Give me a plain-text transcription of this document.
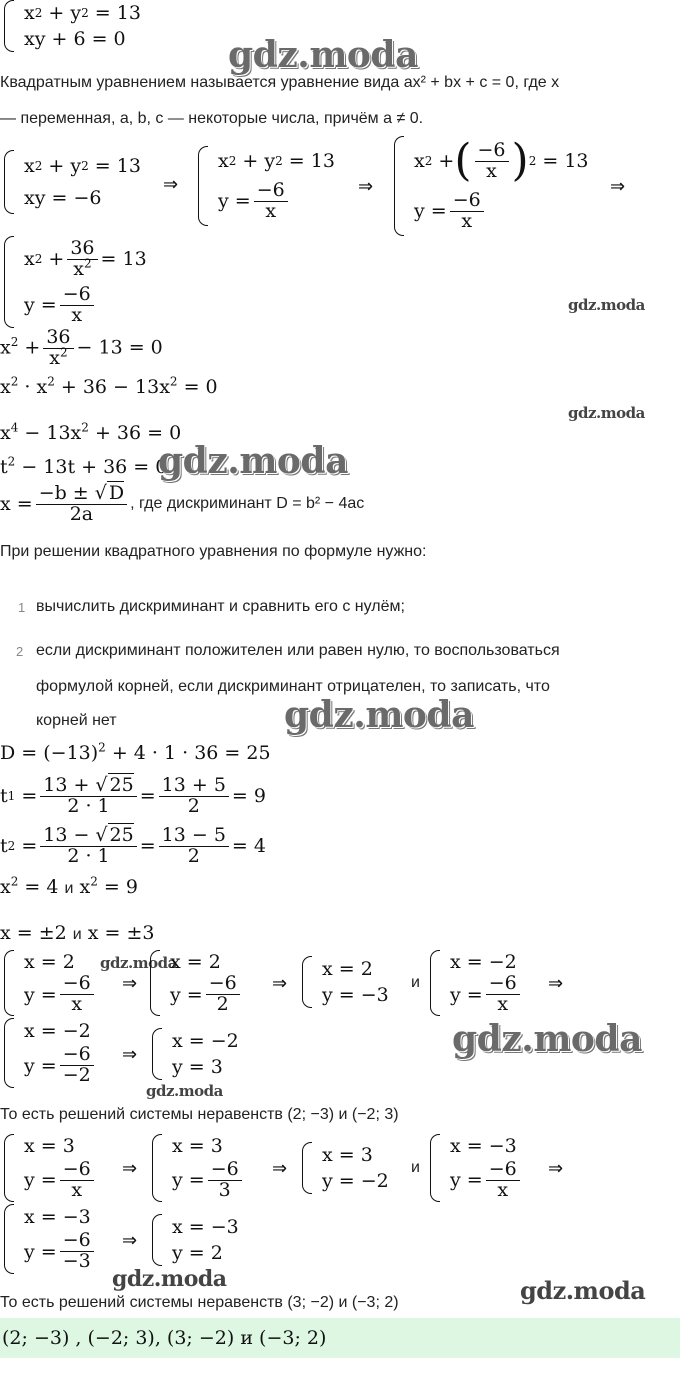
x 2 + y 2 = 13
xy + 6 = 0	gdz.moda
Квадратным уравнением называется уравнение вида ax² + bx + c = 0, где x
— переменная, a, b, c — некоторые числа, причём a ≠ 0.
x 2 + y 2 = 13
xy = −6
⇒
x 2 + y 2 = 13
$y = \frac{-6}{x}$	⇒
x 2 + ( $\frac{-6}{x}$ ) 2 = 13
$y = \frac{-6}{x}$
⇒
x $2 + \frac{36}{x^2} = 13$
$y = \frac{-6}{x}$	gdz.moda
$x^2 + \frac{36}{x^2} - 13 = 0$
$x^2 \cdot x^2 + 36 - 13x^2 = 0$
gdz.moda
$x^4 - 13x^2 + 36 = 0$
$t^2 - 13t + 36 = 0$
gdz.moda
$x = \frac{-b \pm √ D}{2a}$ , где дискриминант D = b² − 4ac
При решении квадратного уравнения по формуле нужно:
1 вычислить дискриминант и сравнить его с нулём;
2 если дискриминант положителен или равен нулю, то воспользоваться
формулой корней, если дискриминант отрицателен, то записать, что
корней нет	gdz.moda
$D = (-13)^2 + 4 \cdot 1 \cdot 36 = 25$
t $1 = \frac{13 + √ 25}{2 \cdot 1} = \frac{13 + 5}{2} = 9$
t $2 = \frac{13 - √ 25}{2 \cdot 1} = \frac{13 - 5}{2} = 4$
$x^2 = 4$ и $x^2 = 9$
x = ±2 и x = ±3
x = 2
$y = \frac{-6}{x}$
gdz.moda
⇒
x = 2
$y = \frac{-6}{2}$ ⇒
x = 2
y = −3
и
x = −2
$y = \frac{-6}{x}$ ⇒
x = −2
$y = \frac{-6}{-2}$ ⇒
x = −2
y = 3
gdz.moda
gdz.moda
То есть решений системы неравенств (2; −3) и (−2; 3)
x = 3
$y = \frac{-6}{x}$ ⇒
x = 3
$y = \frac{-6}{3}$ ⇒
x = 3
y = −2
и
x = −3
$y = \frac{-6}{x}$ ⇒
x = −3
$y = \frac{-6}{-3}$ ⇒
x = −3
y = 2
gdz.moda	gdz.moda
То есть решений системы неравенств (3; −2) и (−3; 2)
(2; −3) , (−2; 3), (3; −2) и (−3; 2)
